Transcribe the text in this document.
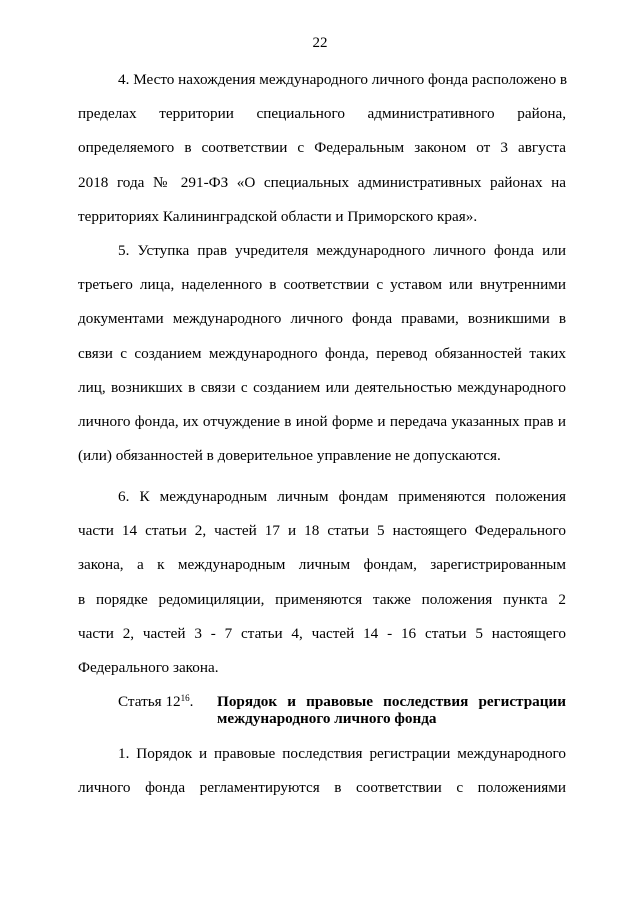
22
4. Место нахождения международного личного фонда расположено в
пределах территории специального административного района,
определяемого в соответствии с Федеральным законом от 3 августа
2018 года № 291-ФЗ «О специальных административных районах на
территориях Калининградской области и Приморского края».
5. Уступка прав учредителя международного личного фонда или
третьего лица, наделенного в соответствии с уставом или внутренними
документами международного личного фонда правами, возникшими в
связи с созданием международного фонда, перевод обязанностей таких
лиц, возникших в связи с созданием или деятельностью международного
личного фонда, их отчуждение в иной форме и передача указанных прав и
(или) обязанностей в доверительное управление не допускаются.
6. К международным личным фондам применяются положения
части 14 статьи 2, частей 17 и 18 статьи 5 настоящего Федерального
закона, а к международным личным фондам, зарегистрированным
в порядке редомициляции, применяются также положения пункта 2
части 2, частей 3 - 7 статьи 4, частей 14 - 16 статьи 5 настоящего
Федерального закона.
Статья $12^{16}$. Порядок и правовые последствия регистрации
международного личного фонда
1. Порядок и правовые последствия регистрации международного
личного фонда регламентируются в соответствии с положениями
